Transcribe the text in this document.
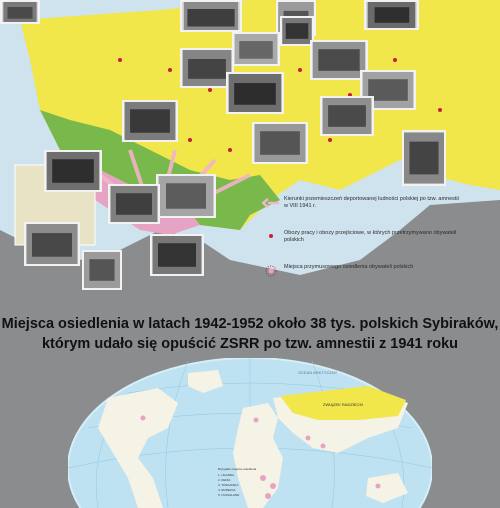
Kierunki przemieszczeń deportowanej ludności polskiej po tzw. amnestii w VIII 1941 r.
Obozy pracy i obozy przejściowe, w których przetrzymywano obywateli polskich
Miejsca przymusowego osiedlenia obywateli polskich
Miejsca osiedlenia w latach 1942-1952 około 38 tys. polskich Sybiraków,
którym udało się opuścić ZSRR po tzw. amnestii z 1941 roku
OCEAN ARKTYCZNY
ZWIĄZEK RADZIECKI
Brytyjskie miejsca osiedlenia
1. UGANDA
2. KENIA
3. TANGANIKA
4. RODEZJA
5. NYASALAND
